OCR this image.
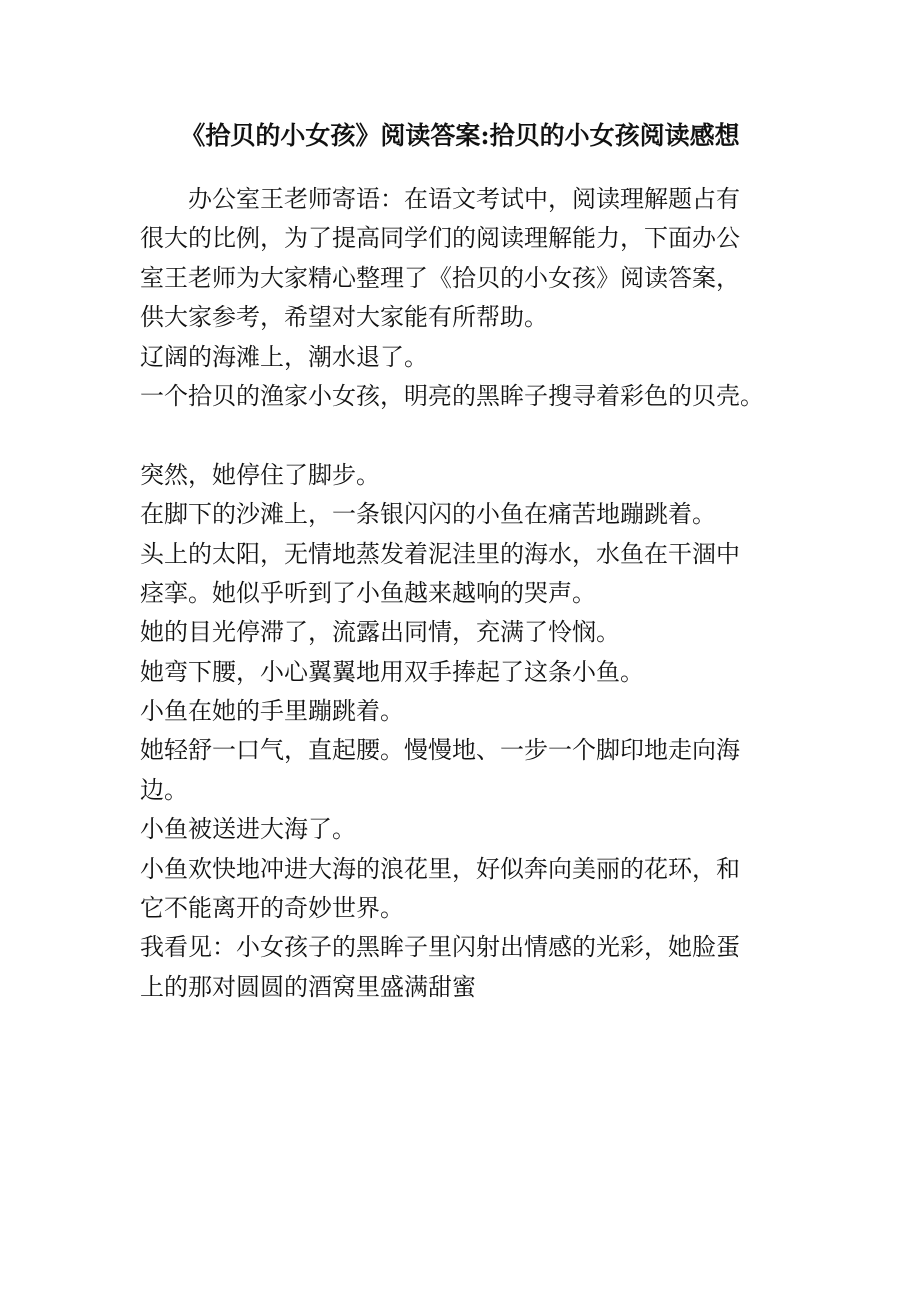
《拾贝的小女孩》阅读答案:拾贝的小女孩阅读感想
办公室王老师寄语：在语文考试中，阅读理解题占有
很大的比例，为了提高同学们的阅读理解能力，下面办公
室王老师为大家精心整理了《拾贝的小女孩》阅读答案，
供大家参考，希望对大家能有所帮助。
辽阔的海滩上，潮水退了。
一个拾贝的渔家小女孩，明亮的黑眸子搜寻着彩色的贝壳。
突然，她停住了脚步。
在脚下的沙滩上，一条银闪闪的小鱼在痛苦地蹦跳着。
头上的太阳，无情地蒸发着泥洼里的海水，水鱼在干涸中
痉挛。她似乎听到了小鱼越来越响的哭声。
她的目光停滞了，流露出同情，充满了怜悯。
她弯下腰，小心翼翼地用双手捧起了这条小鱼。
小鱼在她的手里蹦跳着。
她轻舒一口气，直起腰。慢慢地、一步一个脚印地走向海
边。
小鱼被送进大海了。
小鱼欢快地冲进大海的浪花里，好似奔向美丽的花环，和
它不能离开的奇妙世界。
我看见：小女孩子的黑眸子里闪射出情感的光彩，她脸蛋
上的那对圆圆的酒窝里盛满甜蜜
